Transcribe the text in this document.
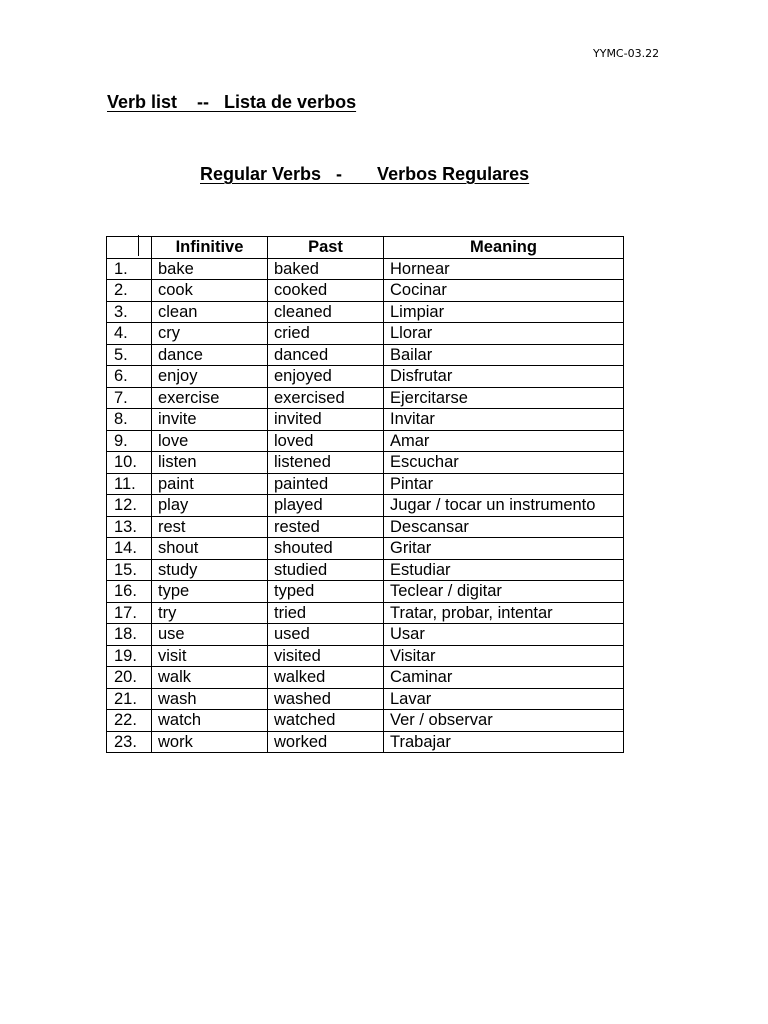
YYMC-03.22
Verb list    --   Lista de verbos
Regular Verbs   -       Verbos Regulares
	Infinitive	Past	Meaning
1.	bake	baked	Hornear
2.	cook	cooked	Cocinar
3.	clean	cleaned	Limpiar
4.	cry	cried	Llorar
5.	dance	danced	Bailar
6.	enjoy	enjoyed	Disfrutar
7.	exercise	exercised	Ejercitarse
8.	invite	invited	Invitar
9.	love	loved	Amar
10.	listen	listened	Escuchar
11.	paint	painted	Pintar
12.	play	played	Jugar / tocar un instrumento
13.	rest	rested	Descansar
14.	shout	shouted	Gritar
15.	study	studied	Estudiar
16.	type	typed	Teclear / digitar
17.	try	tried	Tratar, probar, intentar
18.	use	used	Usar
19.	visit	visited	Visitar
20.	walk	walked	Caminar
21.	wash	washed	Lavar
22.	watch	watched	Ver / observar
23.	work	worked	Trabajar
